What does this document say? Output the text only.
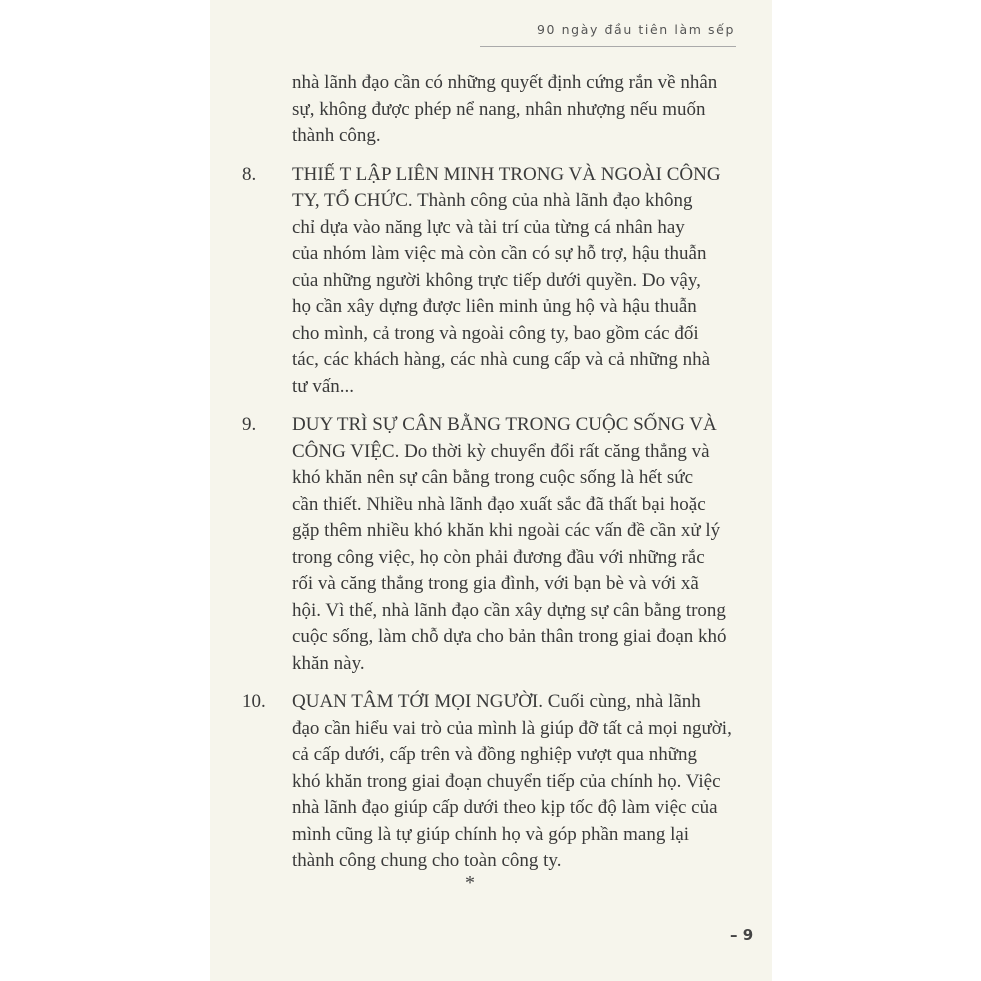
90 ngày đầu tiên làm sếp
nhà lãnh đạo cần có những quyết định cứng rắn về nhân
sự, không được phép nể nang, nhân nhượng nếu muốn
thành công.
8.	THIẾ T LẬP LIÊN MINH TRONG VÀ NGOÀI CÔNG
TY, TỔ CHỨC. Thành công của nhà lãnh đạo không
chỉ dựa vào năng lực và tài trí của từng cá nhân hay
của nhóm làm việc mà còn cần có sự hỗ trợ, hậu thuẫn
của những người không trực tiếp dưới quyền. Do vậy,
họ cần xây dựng được liên minh ủng hộ và hậu thuẫn
cho mình, cả trong và ngoài công ty, bao gồm các đối
tác, các khách hàng, các nhà cung cấp và cả những nhà
tư vấn...
9.	DUY TRÌ SỰ CÂN BẰNG TRONG CUỘC SỐNG VÀ
CÔNG VIỆC. Do thời kỳ chuyển đổi rất căng thẳng và
khó khăn nên sự cân bằng trong cuộc sống là hết sức
cần thiết. Nhiều nhà lãnh đạo xuất sắc đã thất bại hoặc
gặp thêm nhiều khó khăn khi ngoài các vấn đề cần xử lý
trong công việc, họ còn phải đương đầu với những rắc
rối và căng thẳng trong gia đình, với bạn bè và với xã
hội. Vì thế, nhà lãnh đạo cần xây dựng sự cân bằng trong
cuộc sống, làm chỗ dựa cho bản thân trong giai đoạn khó
khăn này.
10.	QUAN TÂM TỚI MỌI NGƯỜI. Cuối cùng, nhà lãnh
đạo cần hiểu vai trò của mình là giúp đỡ tất cả mọi người,
cả cấp dưới, cấp trên và đồng nghiệp vượt qua những
khó khăn trong giai đoạn chuyển tiếp của chính họ. Việc
nhà lãnh đạo giúp cấp dưới theo kịp tốc độ làm việc của
mình cũng là tự giúp chính họ và góp phần mang lại
thành công chung cho toàn công ty.
*
– 9
